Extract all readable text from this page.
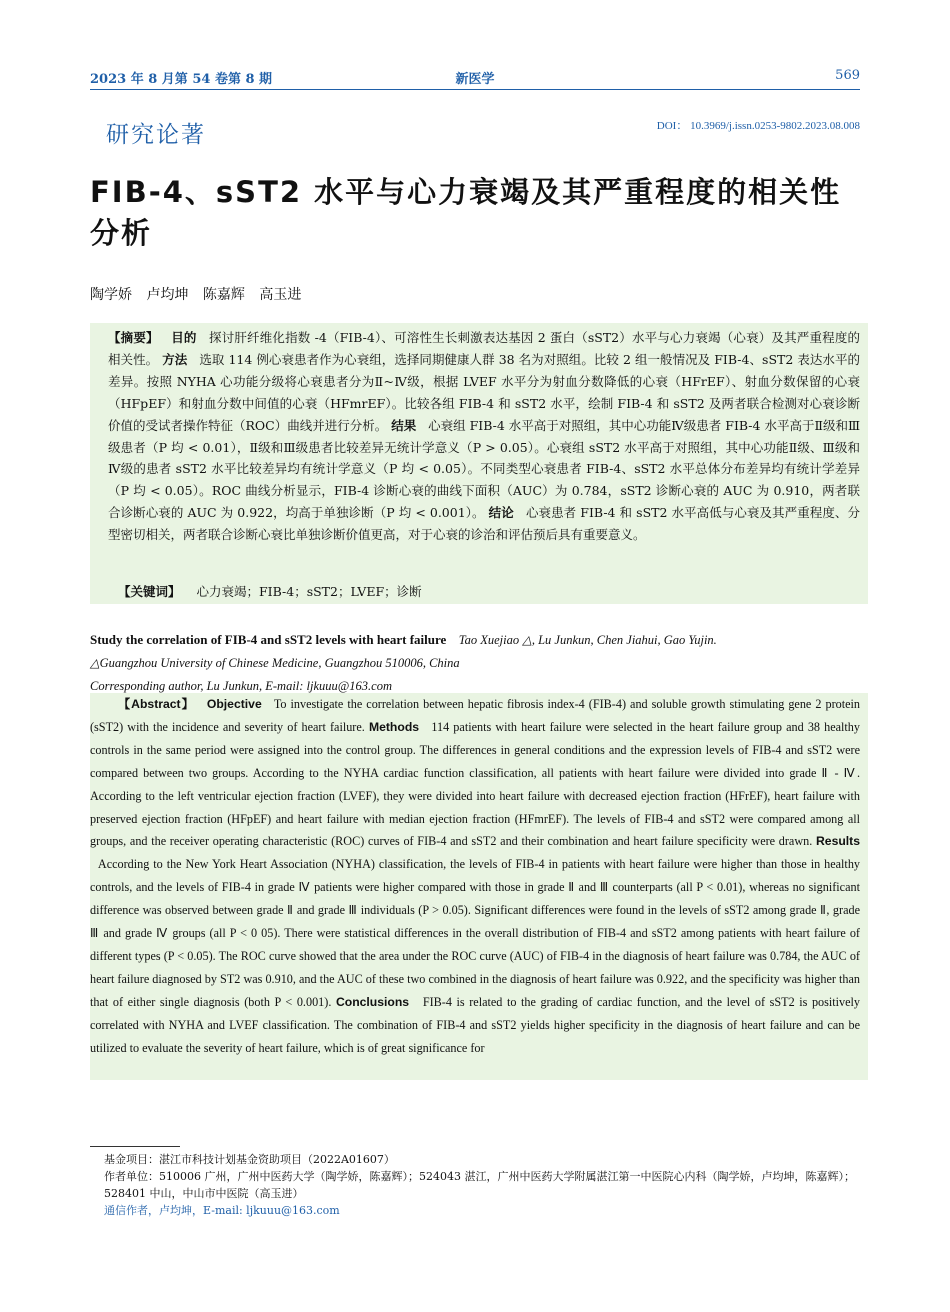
2023 年 8 月第 54 卷第 8 期	新医学	569
研究论著	DOI： 10.3969/j.issn.0253-9802.2023.08.008
FIB-4、sST2 水平与心力衰竭及其严重程度的相关性分析
陶学娇 卢均坤 陈嘉辉 高玉进
【摘要】 目的 探讨肝纤维化指数 -4（FIB-4）、可溶性生长刺激表达基因 2 蛋白（sST2）水平与心力衰竭（心衰）及其严重程度的相关性。 方法 选取 114 例心衰患者作为心衰组，选择同期健康人群 38 名为对照组。比较 2 组一般情况及 FIB-4、sST2 表达水平的差异。按照 NYHA 心功能分级将心衰患者分为Ⅱ~Ⅳ级，根据 LVEF 水平分为射血分数降低的心衰（HFrEF）、射血分数保留的心衰（HFpEF）和射血分数中间值的心衰（HFmrEF）。比较各组 FIB-4 和 sST2 水平，绘制 FIB-4 和 sST2 及两者联合检测对心衰诊断价值的受试者操作特征（ROC）曲线并进行分析。 结果 心衰组 FIB-4 水平高于对照组，其中心功能Ⅳ级患者 FIB-4 水平高于Ⅱ级和Ⅲ级患者（P 均 < 0.01），Ⅱ级和Ⅲ级患者比较差异无统计学意义（P > 0.05）。心衰组 sST2 水平高于对照组，其中心功能Ⅱ级、Ⅲ级和Ⅳ级的患者 sST2 水平比较差异均有统计学意义（P 均 < 0.05）。不同类型心衰患者 FIB-4、sST2 水平总体分布差异均有统计学差异（P 均 < 0.05）。ROC 曲线分析显示，FIB-4 诊断心衰的曲线下面积（AUC）为 0.784，sST2 诊断心衰的 AUC 为 0.910，两者联合诊断心衰的 AUC 为 0.922，均高于单独诊断（P 均 < 0.001）。 结论 心衰患者 FIB-4 和 sST2 水平高低与心衰及其严重程度、分型密切相关，两者联合诊断心衰比单独诊断价值更高，对于心衰的诊治和评估预后具有重要意义。
【关键词】 心力衰竭；FIB-4；sST2；LVEF；诊断
Study the correlation of FIB-4 and sST2 levels with heart failure Tao Xuejiao △, Lu Junkun, Chen Jiahui, Gao Yujin.
△Guangzhou University of Chinese Medicine, Guangzhou 510006, China
Corresponding author, Lu Junkun, E-mail: ljkuuu@163.com
【Abstract】 Objective To investigate the correlation between hepatic fibrosis index-4 (FIB-4) and soluble growth stimulating gene 2 protein (sST2) with the incidence and severity of heart failure. Methods 114 patients with heart failure were selected in the heart failure group and 38 healthy controls in the same period were assigned into the control group. The differences in general conditions and the expression levels of FIB-4 and sST2 were compared between two groups. According to the NYHA cardiac function classification, all patients with heart failure were divided into grade Ⅱ - Ⅳ. According to the left ventricular ejection fraction (LVEF), they were divided into heart failure with decreased ejection fraction (HFrEF), heart failure with preserved ejection fraction (HFpEF) and heart failure with median ejection fraction (HFmrEF). The levels of FIB-4 and sST2 were compared among all groups, and the receiver operating characteristic (ROC) curves of FIB-4 and sST2 and their combination and heart failure specificity were drawn. Results   According to the New York Heart Association (NYHA) classification, the levels of FIB-4 in patients with heart failure were higher than those in healthy controls, and the levels of FIB-4 in grade Ⅳ patients were higher compared with those in grade Ⅱ and Ⅲ counterparts (all P < 0.01), whereas no significant difference was observed between grade Ⅱ and grade Ⅲ individuals (P > 0.05). Significant differences were found in the levels of sST2 among grade Ⅱ, grade Ⅲ and grade Ⅳ groups (all P < 0 05). There were statistical differences in the overall distribution of FIB-4 and sST2 among patients with heart failure of different types (P < 0.05). The ROC curve showed that the area under the ROC curve (AUC) of FIB-4 in the diagnosis of heart failure was 0.784, the AUC of heart failure diagnosed by ST2 was 0.910, and the AUC of these two combined in the diagnosis of heart failure was 0.922, and the specificity was higher than that of either single diagnosis (both P < 0.001). Conclusions FIB-4 is related to the grading of cardiac function, and the level of sST2 is positively correlated with NYHA and LVEF classification. The combination of FIB-4 and sST2 yields higher specificity in the diagnosis of heart failure and can be utilized to evaluate the severity of heart failure, which is of great significance for
基金项目：湛江市科技计划基金资助项目（2022A01607）
作者单位：510006 广州，广州中医药大学（陶学娇，陈嘉辉）；524043 湛江，广州中医药大学附属湛江第一中医院心内科（陶学娇，卢均坤，陈嘉辉）；528401 中山，中山市中医院（高玉进）
通信作者，卢均坤，E-mail: ljkuuu@163.com
